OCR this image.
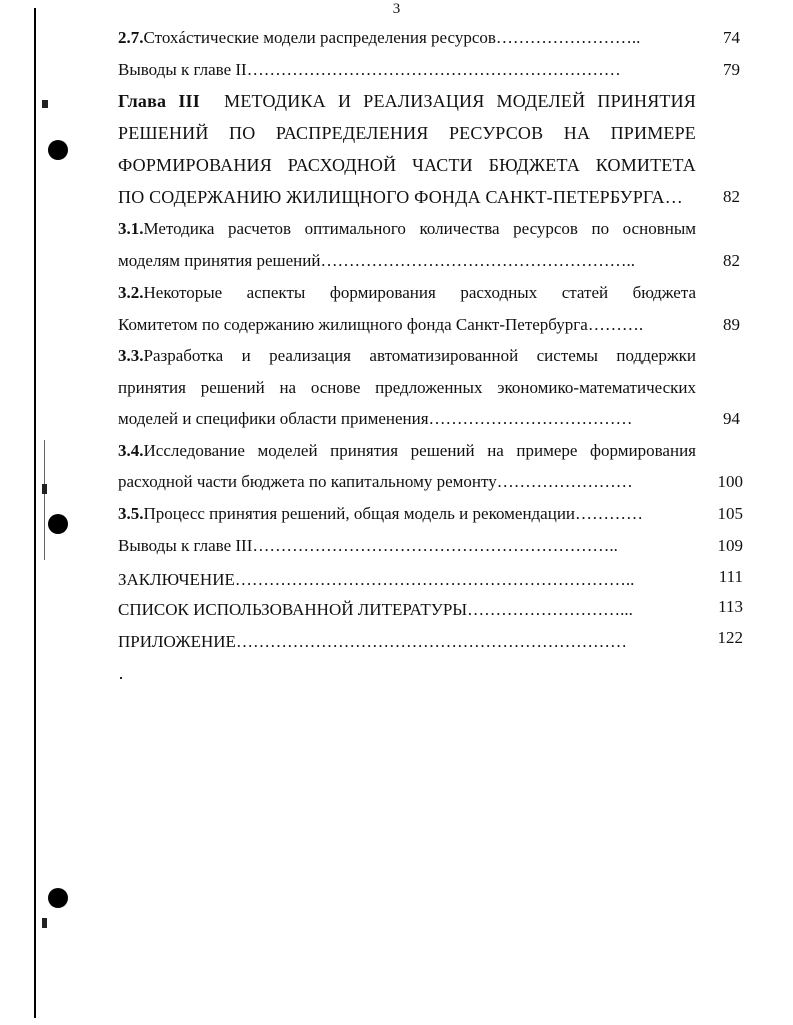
3
2.7.Стохáстические модели распределения ресурсов……………………..	74
Выводы к главе II…………………………………………………………	79
Глава III МЕТОДИКА И РЕАЛИЗАЦИЯ МОДЕЛЕЙ ПРИНЯТИЯ
РЕШЕНИЙ ПО РАСПРЕДЕЛЕНИЯ РЕСУРСОВ НА ПРИМЕРЕ
ФОРМИРОВАНИЯ РАСХОДНОЙ ЧАСТИ БЮДЖЕТА КОМИТЕТА
ПО СОДЕРЖАНИЮ ЖИЛИЩНОГО ФОНДА САНКТ-ПЕТЕРБУРГА…	82
3.1.Методика расчетов оптимального количества ресурсов по основным
моделям принятия решений………………………………………………..	82
3.2.Некоторые аспекты формирования расходных статей бюджета
Комитетом по содержанию жилищного фонда Санкт-Петербурга……….	89
3.3.Разработка и реализация автоматизированной системы поддержки
принятия решений на основе предложенных экономико-математических
моделей и специфики области применения………………………………	94
3.4.Исследование моделей принятия решений на примере формирования
расходной части бюджета по капитальному ремонту……………………	100
3.5.Процесс принятия решений, общая модель и рекомендации…………	105
Выводы к главе III………………………………………………………..	109
ЗАКЛЮЧЕНИЕ……………………………………………………………..	111
СПИСОК ИСПОЛЬЗОВАННОЙ ЛИТЕРАТУРЫ………………………...	113
ПРИЛОЖЕНИЕ……………………………………………………………	122
